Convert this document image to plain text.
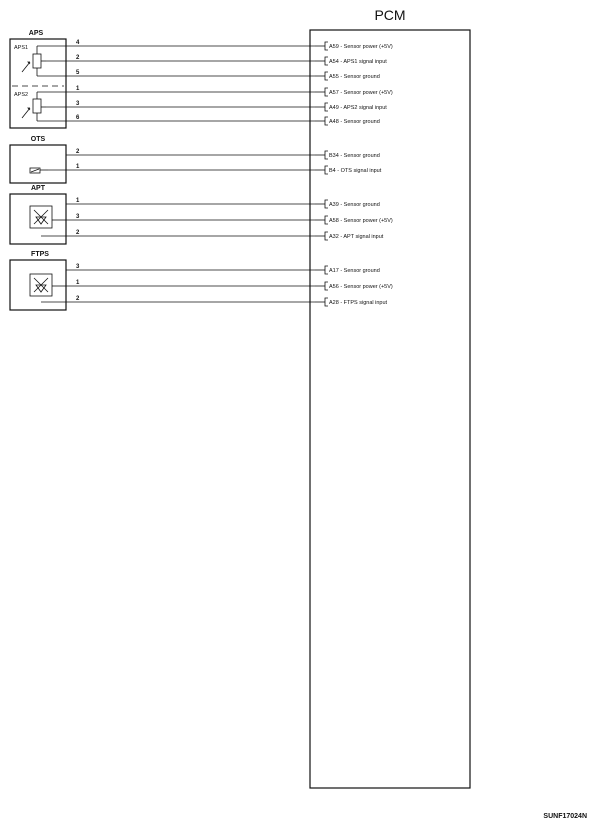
PCM
APS
APS1
APS2
OTS
APT
FTPS
4
A59 - Sensor power (+5V)
2
A54 - APS1 signal input
5
A55 - Sensor ground
1
A57 - Sensor power (+5V)
3
A49 - APS2 signal input
6
A48 - Sensor ground
2
B34 - Sensor ground
1
B4 - OTS signal input
1
A39 - Sensor ground
3
A58 - Sensor power (+5V)
2
A32 - APT signal input
3
A17 - Sensor ground
1
A56 - Sensor power (+5V)
2
A28 - FTPS signal input
SUNF17024N
